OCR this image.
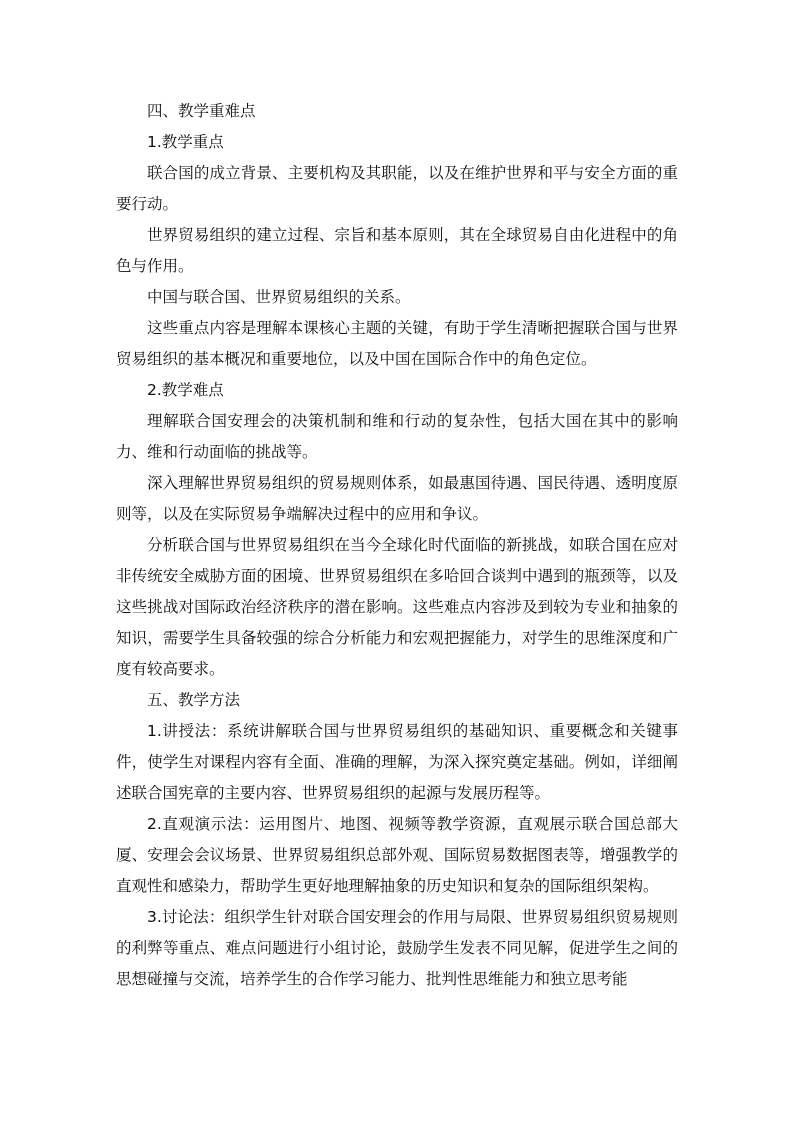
四、教学重难点

1.教学重点

联合国的成立背景、主要机构及其职能，以及在维护世界和平与安全方面的重要行动。

世界贸易组织的建立过程、宗旨和基本原则，其在全球贸易自由化进程中的角色与作用。

中国与联合国、世界贸易组织的关系。

这些重点内容是理解本课核心主题的关键，有助于学生清晰把握联合国与世界贸易组织的基本概况和重要地位，以及中国在国际合作中的角色定位。

2.教学难点

理解联合国安理会的决策机制和维和行动的复杂性，包括大国在其中的影响力、维和行动面临的挑战等。

深入理解世界贸易组织的贸易规则体系，如最惠国待遇、国民待遇、透明度原则等，以及在实际贸易争端解决过程中的应用和争议。

分析联合国与世界贸易组织在当今全球化时代面临的新挑战，如联合国在应对非传统安全威胁方面的困境、世界贸易组织在多哈回合谈判中遇到的瓶颈等，以及这些挑战对国际政治经济秩序的潜在影响。这些难点内容涉及到较为专业和抽象的知识，需要学生具备较强的综合分析能力和宏观把握能力，对学生的思维深度和广度有较高要求。

五、教学方法

1.讲授法：系统讲解联合国与世界贸易组织的基础知识、重要概念和关键事件，使学生对课程内容有全面、准确的理解，为深入探究奠定基础。例如，详细阐述联合国宪章的主要内容、世界贸易组织的起源与发展历程等。

2.直观演示法：运用图片、地图、视频等教学资源，直观展示联合国总部大厦、安理会会议场景、世界贸易组织总部外观、国际贸易数据图表等，增强教学的直观性和感染力，帮助学生更好地理解抽象的历史知识和复杂的国际组织架构。

3.讨论法：组织学生针对联合国安理会的作用与局限、世界贸易组织贸易规则的利弊等重点、难点问题进行小组讨论，鼓励学生发表不同见解，促进学生之间的思想碰撞与交流，培养学生的合作学习能力、批判性思维能力和独立思考能
